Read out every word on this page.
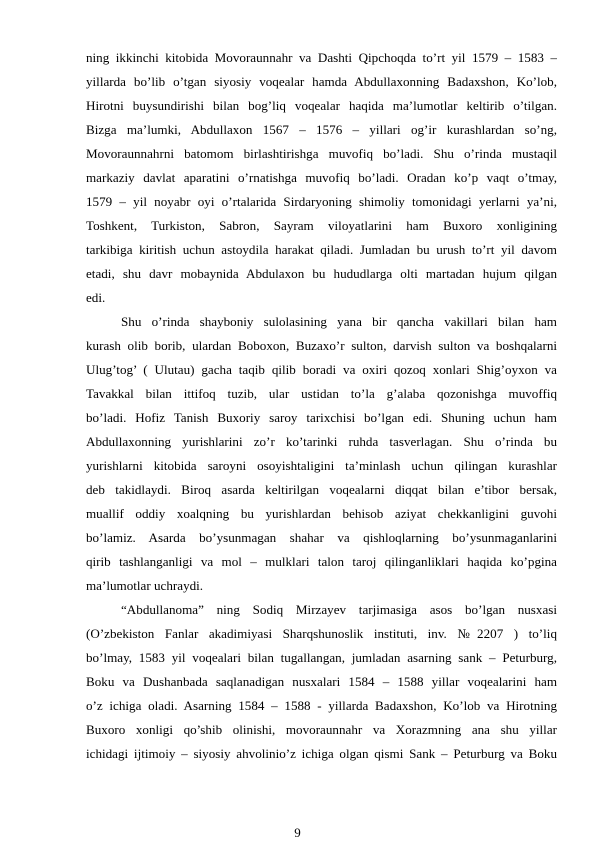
ning ikkinchi kitobida Movoraunnahr va Dashti Qipchoqda to’rt yil 1579 – 1583 –
yillarda bo’lib o’tgan siyosiy voqealar hamda Abdullaxonning Badaxshon, Ko’lob,
Hirotni buysundirishi bilan bog’liq voqealar haqida ma’lumotlar keltirib o’tilgan.
Bizga ma’lumki, Abdullaxon 1567 – 1576 – yillari og’ir kurashlardan so’ng,
Movoraunnahrni batomom birlashtirishga muvofiq bo’ladi. Shu o’rinda mustaqil
markaziy davlat aparatini o’rnatishga muvofiq bo’ladi. Oradan ko’p vaqt o’tmay,
1579 – yil noyabr oyi o’rtalarida Sirdaryoning shimoliy tomonidagi yerlarni ya’ni,
Toshkent, Turkiston, Sabron, Sayram viloyatlarini ham Buxoro xonligining
tarkibiga kiritish uchun astoydila harakat qiladi. Jumladan bu urush to’rt yil davom
etadi, shu davr mobaynida Abdulaxon bu hududlarga olti martadan hujum qilgan
edi.
Shu o’rinda shayboniy sulolasining yana bir qancha vakillari bilan ham
kurash olib borib, ulardan Boboxon, Buzaxo’r sulton, darvish sulton va boshqalarni
Ulug’tog’ ( Ulutau) gacha taqib qilib boradi va oxiri qozoq xonlari Shig’oyxon va
Tavakkal bilan ittifoq tuzib, ular ustidan to’la g’alaba qozonishga muvoffiq
bo’ladi. Hofiz Tanish Buxoriy saroy tarixchisi bo’lgan edi. Shuning uchun ham
Abdullaxonning yurishlarini zo’r ko’tarinki ruhda tasverlagan. Shu o’rinda bu
yurishlarni kitobida saroyni osoyishtaligini ta’minlash uchun qilingan kurashlar
deb takidlaydi. Biroq asarda keltirilgan voqealarni diqqat bilan e’tibor bersak,
muallif oddiy xoalqning bu yurishlardan behisob aziyat chekkanligini guvohi
bo’lamiz. Asarda bo’ysunmagan shahar va qishloqlarning bo’ysunmaganlarini
qirib tashlanganligi va mol – mulklari talon taroj qilinganliklari haqida ko’pgina
ma’lumotlar uchraydi.
“Abdullanoma” ning Sodiq Mirzayev tarjimasiga asos bo’lgan nusxasi
(O’zbekiston Fanlar akadimiyasi Sharqshunoslik instituti, inv. №2207 ) to’liq
bo’lmay, 1583 yil voqealari bilan tugallangan, jumladan asarning sank – Peturburg,
Boku va Dushanbada saqlanadigan nusxalari 1584 – 1588 yillar voqealarini ham
o’z ichiga oladi. Asarning 1584 – 1588 - yillarda Badaxshon, Ko’lob va Hirotning
Buxoro xonligi qo’shib olinishi, movoraunnahr va Xorazmning ana shu yillar
ichidagi ijtimoiy – siyosiy ahvolinio’z ichiga olgan qismi Sank – Peturburg va Boku
9
